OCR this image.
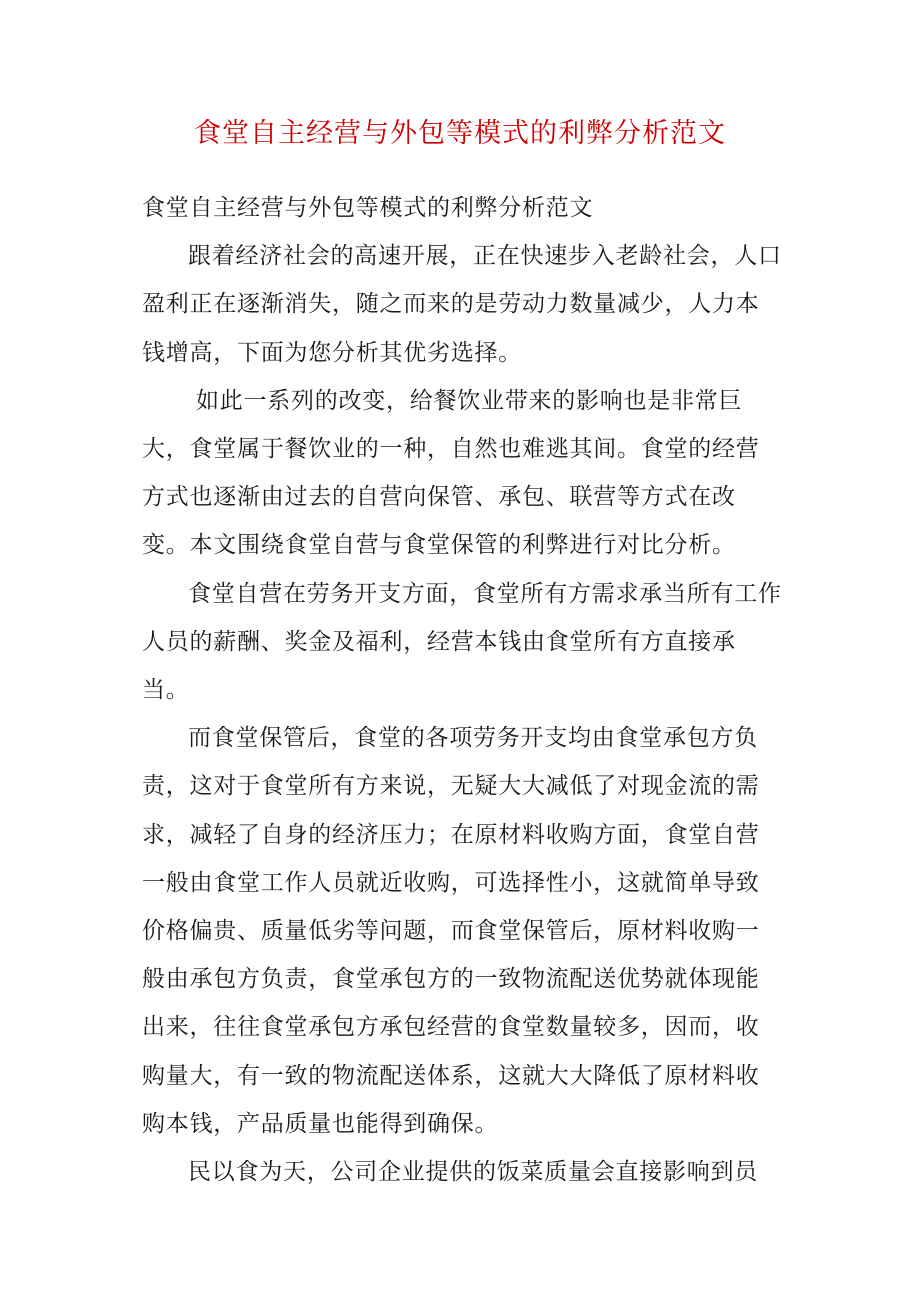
食堂自主经营与外包等模式的利弊分析范文

食堂自主经营与外包等模式的利弊分析范文

跟着经济社会的高速开展，正在快速步入老龄社会，人口盈利正在逐渐消失，随之而来的是劳动力数量减少，人力本钱增高，下面为您分析其优劣选择。

如此一系列的改变，给餐饮业带来的影响也是非常巨大，食堂属于餐饮业的一种，自然也难逃其间。食堂的经营方式也逐渐由过去的自营向保管、承包、联营等方式在改变。本文围绕食堂自营与食堂保管的利弊进行对比分析。

食堂自营在劳务开支方面，食堂所有方需求承当所有工作人员的薪酬、奖金及福利，经营本钱由食堂所有方直接承当。

而食堂保管后，食堂的各项劳务开支均由食堂承包方负责，这对于食堂所有方来说，无疑大大减低了对现金流的需求，减轻了自身的经济压力；在原材料收购方面，食堂自营一般由食堂工作人员就近收购，可选择性小，这就简单导致价格偏贵、质量低劣等问题，而食堂保管后，原材料收购一般由承包方负责，食堂承包方的一致物流配送优势就体现能出来，往往食堂承包方承包经营的食堂数量较多，因而，收购量大，有一致的物流配送体系，这就大大降低了原材料收购本钱，产品质量也能得到确保。

民以食为天，公司企业提供的饭菜质量会直接影响到员
